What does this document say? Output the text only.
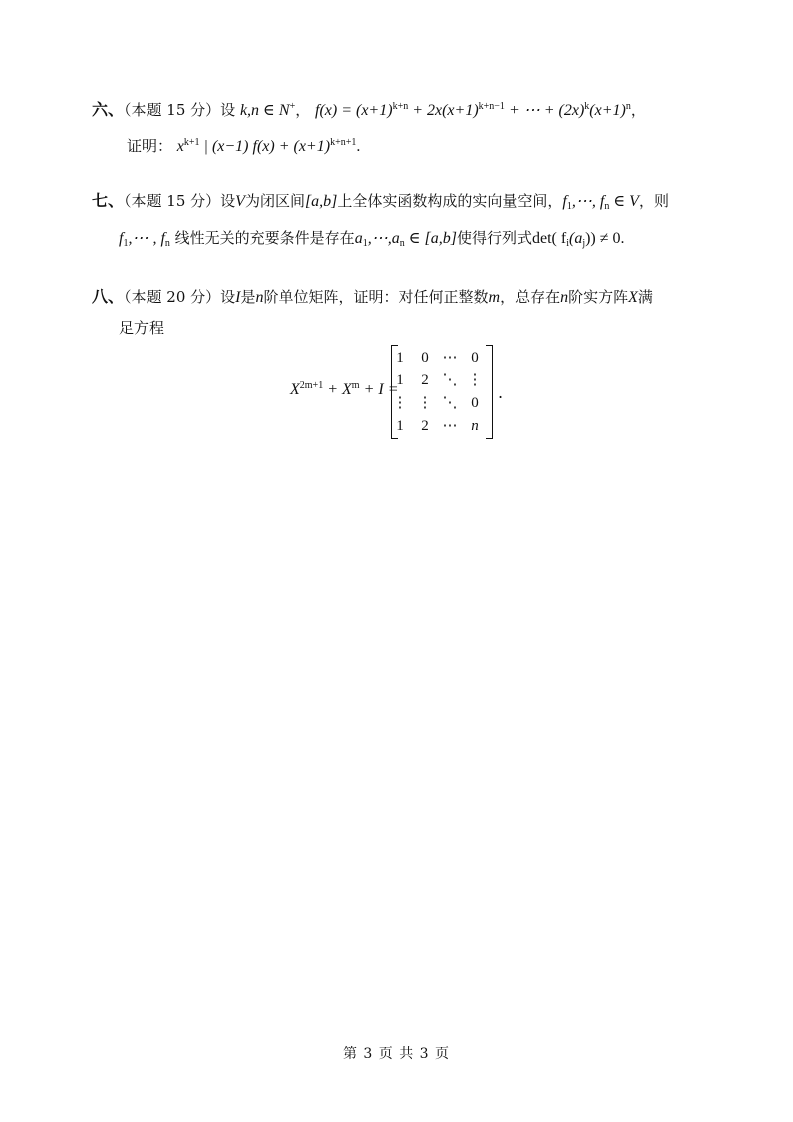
六、（本题 15 分）设 k,n ∈ N+， $f(x) = (x+1)^{k+n} + 2x(x+1)^{k+n-1}$ + ⋯ + $(2x)^k(x+1)^n$，
证明： $x^{k+1}$ | (x−1) $f(x) + (x+1)^{k+n+1}$.
七、（本题 15 分）设V为闭区间[a,b]上全体实函数构成的实向量空间，$f_1,\cdots$, $f_n$ ∈ V，则
$f_1,\cdots$ , $f_n$ 线性无关的充要条件是存在$a_1,\cdots,a_n$ ∈ [a,b]使得行列式det( $f_i(a_j)) \ne 0$.
八、（本题 20 分）设I是n阶单位矩阵，证明：对任何正整数m，总存在n阶实方阵X满
足方程
$X^{2m+1} + X^m + I$ =
1	0 ⋯ 0
1	2 ⋱ ⋮
⋮ ⋮ ⋱ 0
1	2 ⋯ n
.
第 3 页 共 3 页
